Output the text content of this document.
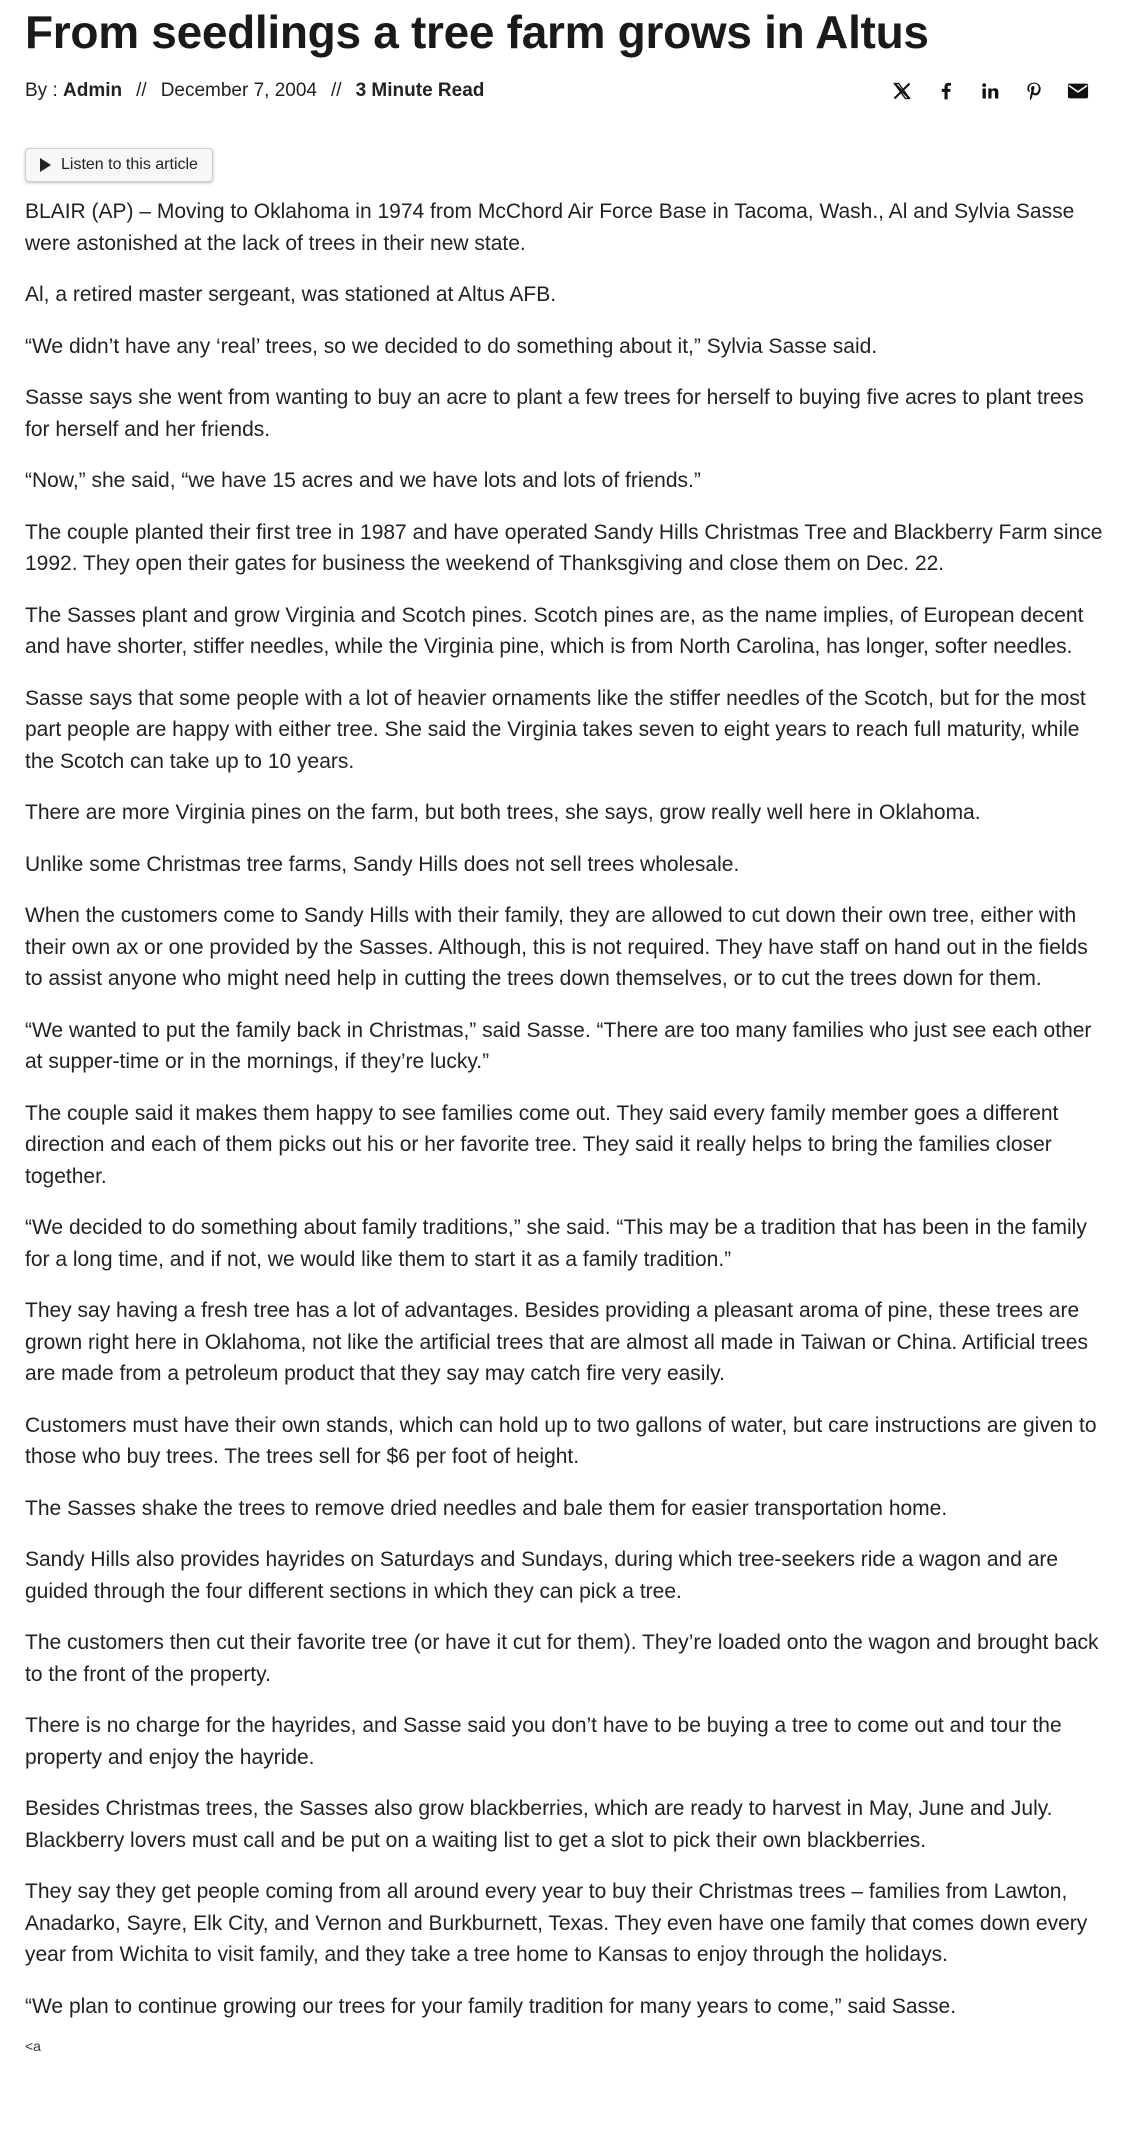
From seedlings a tree farm grows in Altus
By :
Admin // December 7, 2004 // 3 Minute Read
Listen to this article

BLAIR (AP) – Moving to Oklahoma in 1974 from McChord Air Force Base in Tacoma, Wash., Al and Sylvia Sasse were astonished at the lack of trees in their new state.

Al, a retired master sergeant, was stationed at Altus AFB.

“We didn’t have any ‘real’ trees, so we decided to do something about it,” Sylvia Sasse said.

Sasse says she went from wanting to buy an acre to plant a few trees for herself to buying five acres to plant trees for herself and her friends.

“Now,” she said, “we have 15 acres and we have lots and lots of friends.”

The couple planted their first tree in 1987 and have operated Sandy Hills Christmas Tree and Blackberry Farm since 1992. They open their gates for business the weekend of Thanksgiving and close them on Dec. 22.

The Sasses plant and grow Virginia and Scotch pines. Scotch pines are, as the name implies, of European decent and have shorter, stiffer needles, while the Virginia pine, which is from North Carolina, has longer, softer needles.

Sasse says that some people with a lot of heavier ornaments like the stiffer needles of the Scotch, but for the most part people are happy with either tree. She said the Virginia takes seven to eight years to reach full maturity, while the Scotch can take up to 10 years.

There are more Virginia pines on the farm, but both trees, she says, grow really well here in Oklahoma.

Unlike some Christmas tree farms, Sandy Hills does not sell trees wholesale.

When the customers come to Sandy Hills with their family, they are allowed to cut down their own tree, either with their own ax or one provided by the Sasses. Although, this is not required. They have staff on hand out in the fields to assist anyone who might need help in cutting the trees down themselves, or to cut the trees down for them.

“We wanted to put the family back in Christmas,” said Sasse. “There are too many families who just see each other at supper-time or in the mornings, if they’re lucky.”

The couple said it makes them happy to see families come out. They said every family member goes a different direction and each of them picks out his or her favorite tree. They said it really helps to bring the families closer together.

“We decided to do something about family traditions,” she said. “This may be a tradition that has been in the family for a long time, and if not, we would like them to start it as a family tradition.”

They say having a fresh tree has a lot of advantages. Besides providing a pleasant aroma of pine, these trees are grown right here in Oklahoma, not like the artificial trees that are almost all made in Taiwan or China. Artificial trees are made from a petroleum product that they say may catch fire very easily.

Customers must have their own stands, which can hold up to two gallons of water, but care instructions are given to those who buy trees. The trees sell for $6 per foot of height.

The Sasses shake the trees to remove dried needles and bale them for easier transportation home.

Sandy Hills also provides hayrides on Saturdays and Sundays, during which tree-seekers ride a wagon and are guided through the four different sections in which they can pick a tree.

The customers then cut their favorite tree (or have it cut for them). They’re loaded onto the wagon and brought back to the front of the property.

There is no charge for the hayrides, and Sasse said you don’t have to be buying a tree to come out and tour the property and enjoy the hayride.

Besides Christmas trees, the Sasses also grow blackberries, which are ready to harvest in May, June and July. Blackberry lovers must call and be put on a waiting list to get a slot to pick their own blackberries.

They say they get people coming from all around every year to buy their Christmas trees – families from Lawton, Anadarko, Sayre, Elk City, and Vernon and Burkburnett, Texas. They even have one family that comes down every year from Wichita to visit family, and they take a tree home to Kansas to enjoy through the holidays.

“We plan to continue growing our trees for your family tradition for many years to come,” said Sasse.

<a
